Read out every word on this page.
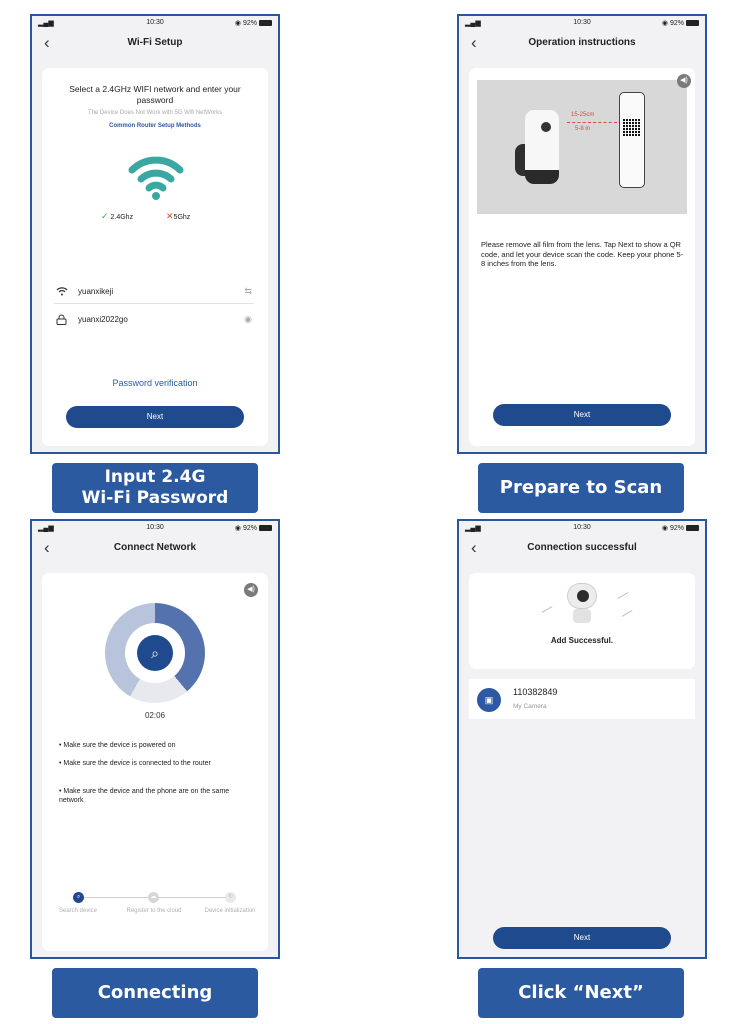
▂▄▆	10:30	◉ 92%
‹	Wi-Fi Setup
Select a 2.4GHz WIFI network and enter your password
The Device Does Not Work with 5G Wifi NetWorks
Common Router Setup Methods
✓ 2.4Ghz	✕5Ghz
yuanxikeji	⇆
yuanxi2022go	◉
Password verification
Next
Input 2.4G
Wi-Fi Password
▂▄▆	10:30	◉ 92%
‹	Operation instructions
15-25cm
5-8 in
◀)
Please remove all film from the lens. Tap Next to show a QR code, and let your device scan the code. Keep your phone 5-8 inches from the lens.
Next
Prepare to Scan
▂▄▆	10:30	◉ 92%
‹	Connect Network
◀)
⌕
02:06
• Make sure the device is powered on
• Make sure the device is connected to the router
• Make sure the device and the phone are on the same network
⌕	☁	↻
Search device	Register to the cloud	Device initialization
Connecting
▂▄▆	10:30	◉ 92%
‹	Connection successful
Add Successful.
▣
110382849
My Camera
Next
Click “Next”
